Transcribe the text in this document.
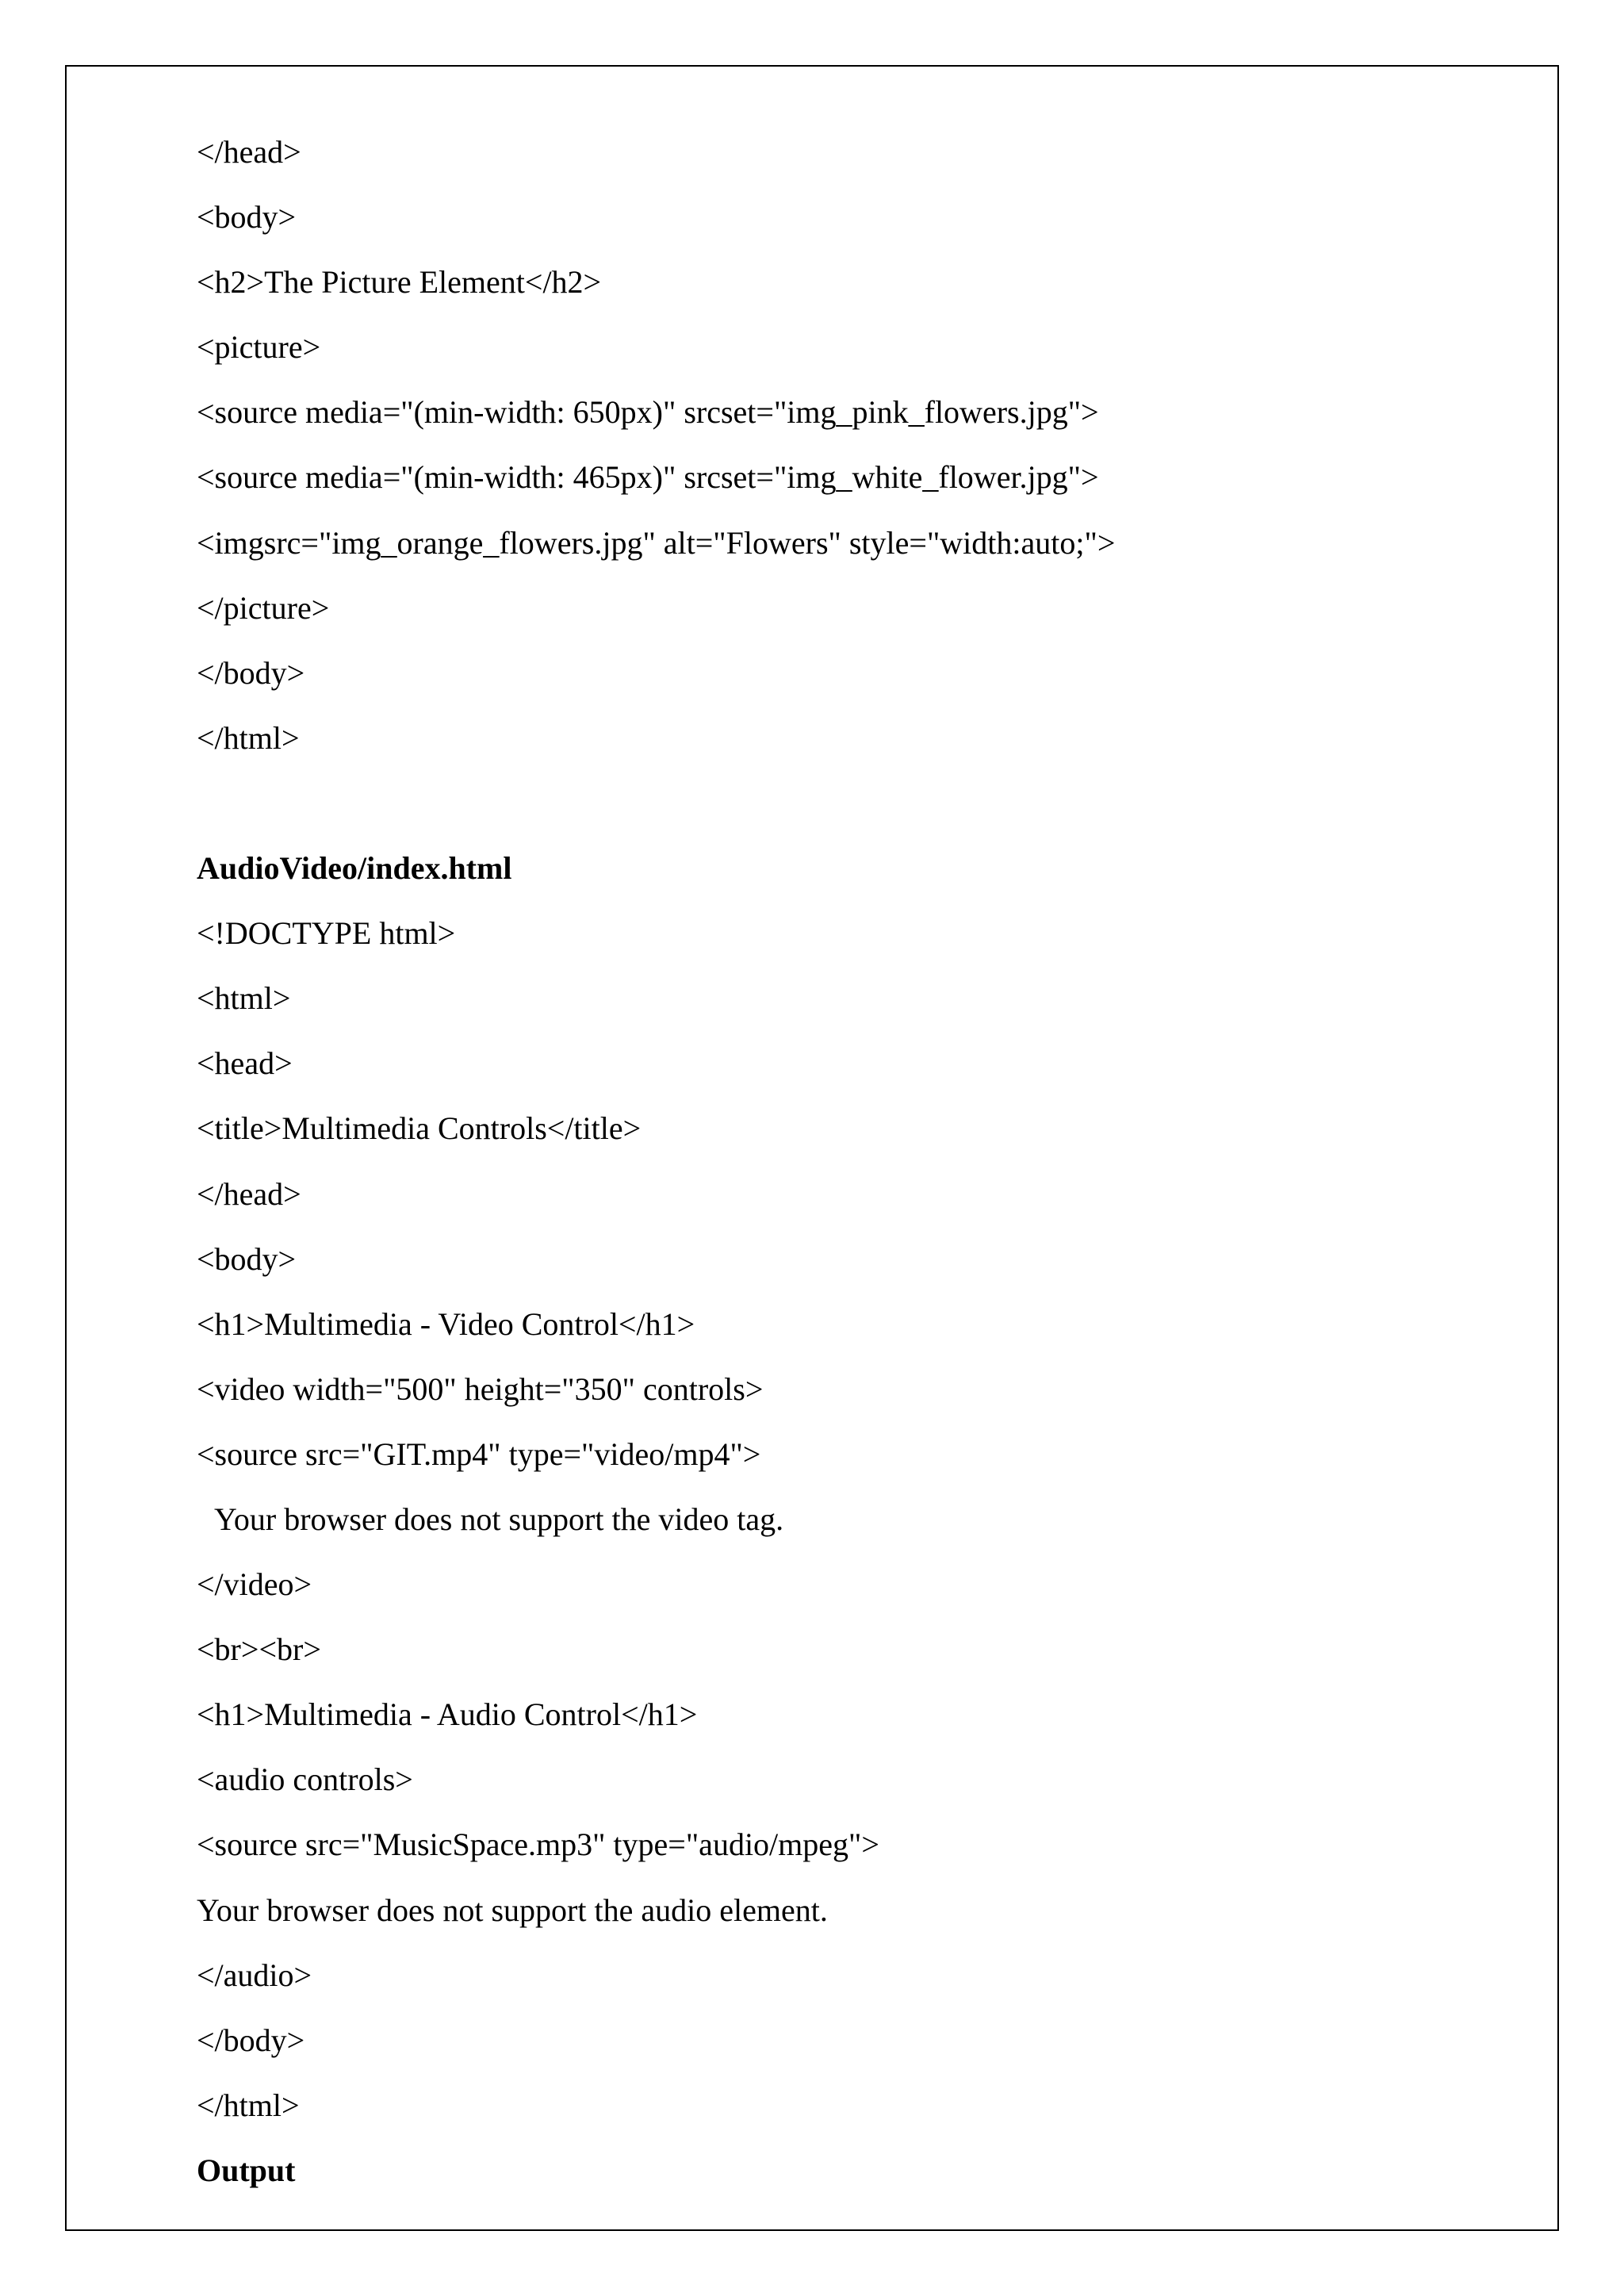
</head>
<body>
<h2>The Picture Element</h2>
<picture>
<source media="(min-width: 650px)" srcset="img_pink_flowers.jpg">
<source media="(min-width: 465px)" srcset="img_white_flower.jpg">
<imgsrc="img_orange_flowers.jpg" alt="Flowers" style="width:auto;">
</picture>
</body>
</html>
AudioVideo/index.html
<!DOCTYPE html>
<html>
<head>
<title>Multimedia Controls</title>
</head>
<body>
<h1>Multimedia - Video Control</h1>
<video width="500" height="350" controls>
<source src="GIT.mp4" type="video/mp4">
Your browser does not support the video tag.
</video>
<br><br>
<h1>Multimedia - Audio Control</h1>
<audio controls>
<source src="MusicSpace.mp3" type="audio/mpeg">
Your browser does not support the audio element.
</audio>
</body>
</html>
Output
